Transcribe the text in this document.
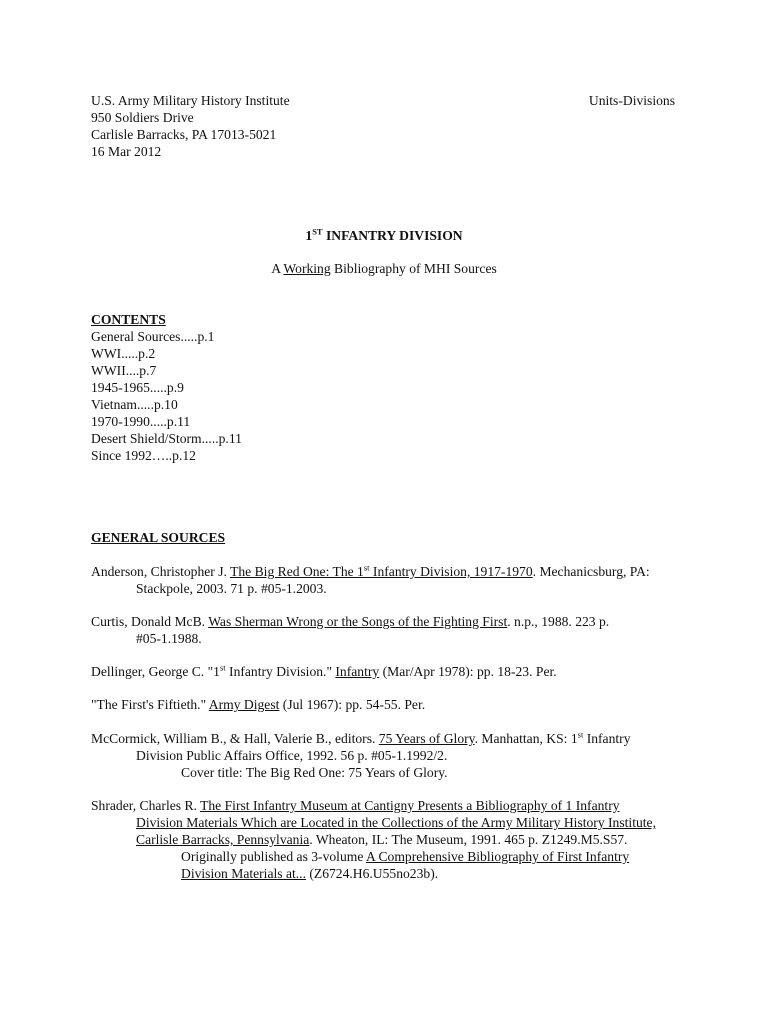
U.S. Army Military History Institute
950 Soldiers Drive
Carlisle Barracks, PA 17013-5021
16 Mar 2012
Units-Divisions
1ST INFANTRY DIVISION
A Working Bibliography of MHI Sources
CONTENTS
General Sources.....p.1
WWI.....p.2
WWII....p.7
1945-1965.....p.9
Vietnam.....p.10
1970-1990.....p.11
Desert Shield/Storm.....p.11
Since 1992…..p.12
GENERAL SOURCES
Anderson, Christopher J. The Big Red One: The 1st Infantry Division, 1917-1970. Mechanicsburg, PA:
Stackpole, 2003. 71 p. #05-1.2003.
Curtis, Donald McB. Was Sherman Wrong or the Songs of the Fighting First. n.p., 1988. 223 p.
#05-1.1988.
Dellinger, George C. "1st Infantry Division." Infantry (Mar/Apr 1978): pp. 18-23. Per.
"The First's Fiftieth." Army Digest (Jul 1967): pp. 54-55. Per.
McCormick, William B., & Hall, Valerie B., editors. 75 Years of Glory. Manhattan, KS: 1st Infantry
Division Public Affairs Office, 1992. 56 p. #05-1.1992/2.
Cover title: The Big Red One: 75 Years of Glory.
Shrader, Charles R. The First Infantry Museum at Cantigny Presents a Bibliography of 1 Infantry
Division Materials Which are Located in the Collections of the Army Military History Institute,
Carlisle Barracks, Pennsylvania. Wheaton, IL: The Museum, 1991. 465 p. Z1249.M5.S57.
Originally published as 3-volume A Comprehensive Bibliography of First Infantry
Division Materials at... (Z6724.H6.U55no23b).
